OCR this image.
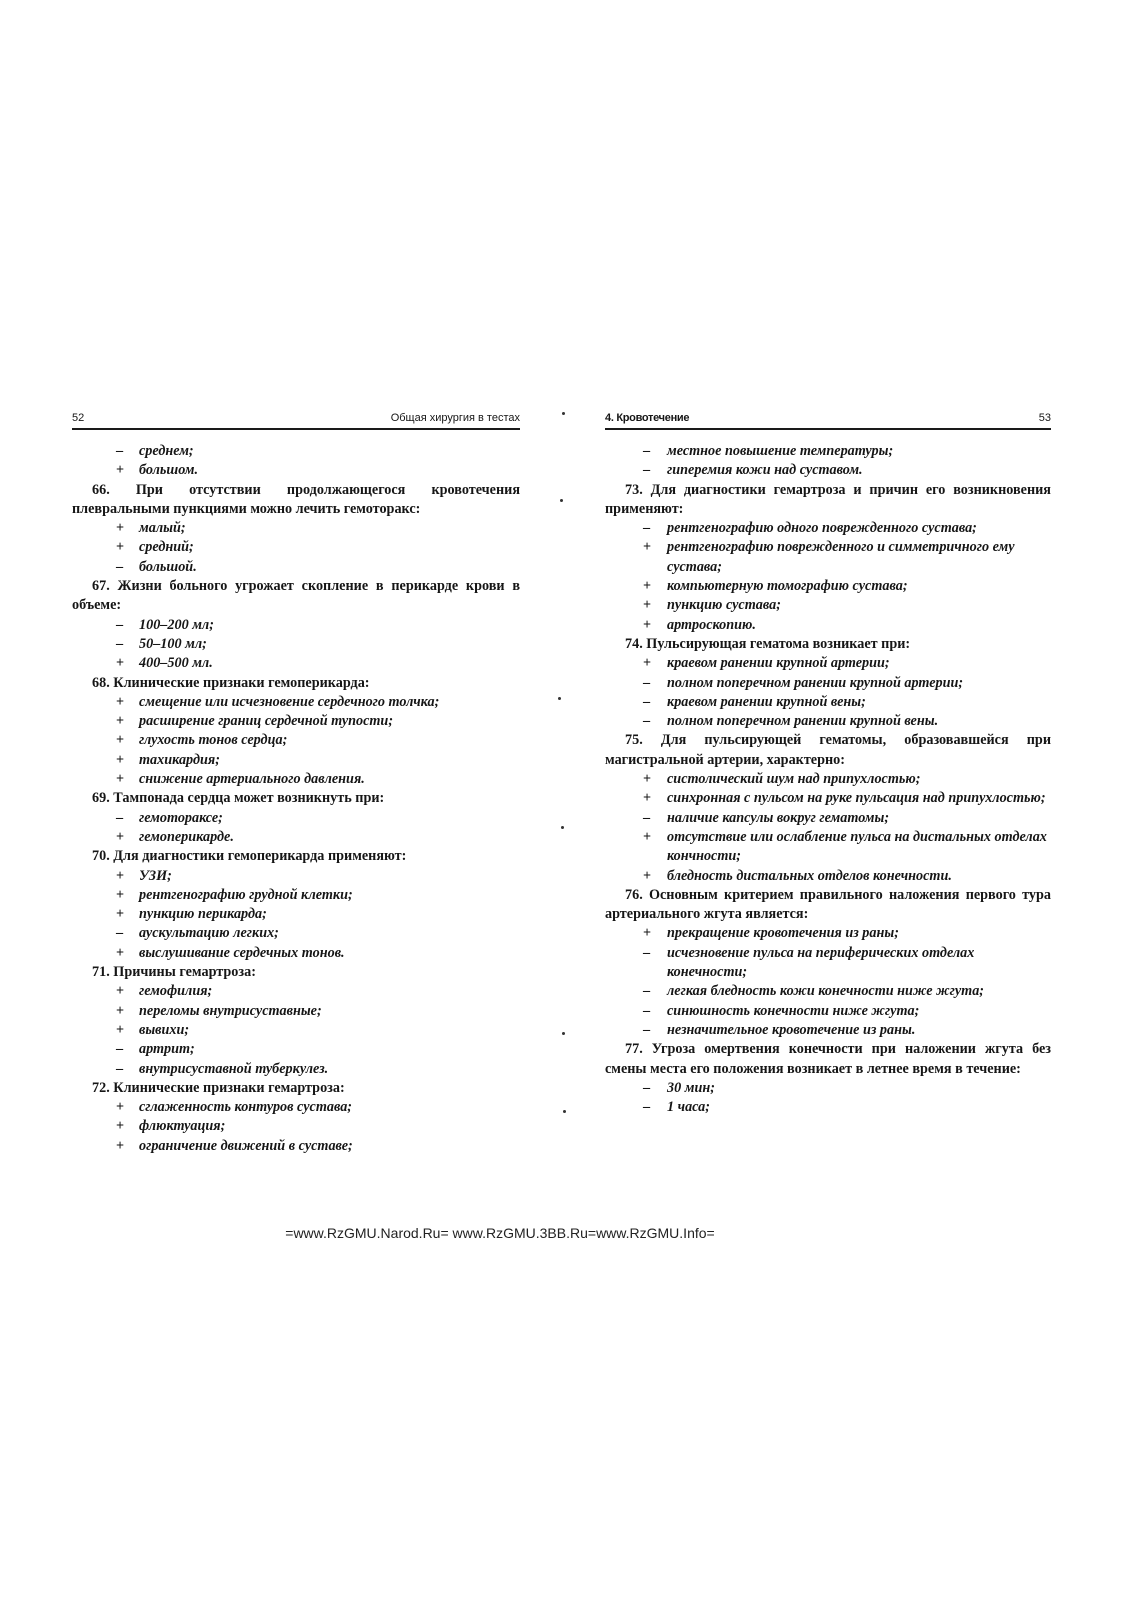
52	Общая хирургия в тестах

– среднем;

+ большом.

66. При отсутствии продолжающегося кровотечения плевральными пункциями можно лечить гемоторакс:

+ малый;

+ средний;

– большой.

67. Жизни больного угрожает скопление в перикарде крови в объеме:

– 100–200 мл;

– 50–100 мл;

+ 400–500 мл.

68. Клинические признаки гемоперикарда:

+ смещение или исчезновение сердечного толчка;

+ расширение границ сердечной тупости;

+ глухость тонов сердца;

+ тахикардия;

+ снижение артериального давления.

69. Тампонада сердца может возникнуть при:

– гемотораксе;

+ гемоперикарде.

70. Для диагностики гемоперикарда применяют:

+ УЗИ;

+ рентгенографию грудной клетки;

+ пункцию перикарда;

– аускультацию легких;

+ выслушивание сердечных тонов.

71. Причины гемартроза:

+ гемофилия;

+ переломы внутрисуставные;

+ вывихи;

– артрит;

– внутрисуставной туберкулез.

72. Клинические признаки гемартроза:

+ сглаженность контуров сустава;

+ флюктуация;

+ ограничение движений в суставе;

4. Кровотечение	53

– местное повышение температуры;

– гиперемия кожи над суставом.

73. Для диагностики гемартроза и причин его возникновения применяют:

– рентгенографию одного поврежденного сустава;

+ рентгенографию поврежденного и симметричного ему сустава;

+ компьютерную томографию сустава;

+ пункцию сустава;

+ артроскопию.

74. Пульсирующая гематома возникает при:

+ краевом ранении крупной артерии;

– полном поперечном ранении крупной артерии;

– краевом ранении крупной вены;

– полном поперечном ранении крупной вены.

75. Для пульсирующей гематомы, образовавшейся при магистральной артерии, характерно:

+ систолический шум над припухлостью;

+ синхронная с пульсом на руке пульсация над припухлостью;

– наличие капсулы вокруг гематомы;

+ отсутствие или ослабление пульса на дистальных отделах кончности;

+ бледность дистальных отделов конечности.

76. Основным критерием правильного наложения первого тура артериального жгута является:

+ прекращение кровотечения из раны;

– исчезновение пульса на периферических отделах конечности;

– легкая бледность кожи конечности ниже жгута;

– синюшность конечности ниже жгута;

– незначительное кровотечение из раны.

77. Угроза омертвения конечности при наложении жгута без смены места его положения возникает в летнее время в течение:

– 30 мин;

– 1 часа;

=www.RzGMU.Narod.Ru= www.RzGMU.3BB.Ru=www.RzGMU.Info=
